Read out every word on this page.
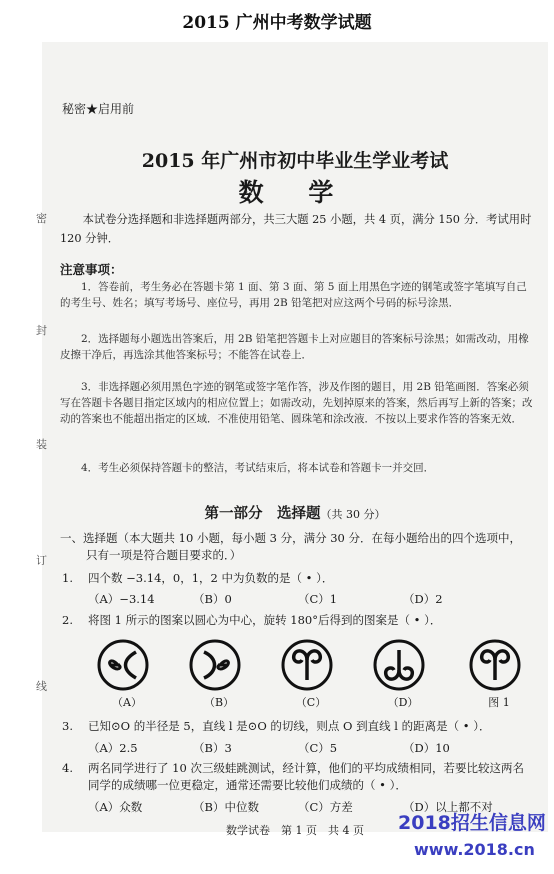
2015 广州中考数学试题
秘密★启用前
密
封
装
订
线
2015 年广州市初中毕业生学业考试
数 学
本试卷分选择题和非选择题两部分，共三大题 25 小题，共 4 页，满分 150 分．考试用时 120 分钟．
注意事项：
1．答卷前，考生务必在答题卡第 1 面、第 3 面、第 5 面上用黑色字迹的钢笔或签字笔填写自己的考生号、姓名；填写考场号、座位号，再用 2B 铅笔把对应这两个号码的标号涂黑．
2．选择题每小题选出答案后，用 2B 铅笔把答题卡上对应题目的答案标号涂黑；如需改动，用橡皮擦干净后，再选涂其他答案标号；不能答在试卷上．
3．非选择题必须用黑色字迹的钢笔或签字笔作答，涉及作图的题目，用 2B 铅笔画图．答案必须写在答题卡各题目指定区域内的相应位置上；如需改动，先划掉原来的答案，然后再写上新的答案；改动的答案也不能超出指定的区域．不准使用铅笔、圆珠笔和涂改液．不按以上要求作答的答案无效．
4．考生必须保持答题卡的整洁，考试结束后，将本试卷和答题卡一并交回．
第一部分　选择题（共 30 分）
一、选择题（本大题共 10 小题，每小题 3 分，满分 30 分．在每小题给出的四个选项中，
只有一项是符合题目要求的．）
1. 四个数 −3.14，0，1，2 中为负数的是（ • ）．
（A）−3.14	（B）0	（C）1	（D）2
2. 将图 1 所示的图案以圆心为中心，旋转 180°后得到的图案是（ • ）．
（A）	（B）	（C）	（D）	图 1
3. 已知⊙O 的半径是 5，直线 l 是⊙O 的切线，则点 O 到直线 l 的距离是（ • ）．
（A）2.5	（B）3	（C）5	（D）10
4. 两名同学进行了 10 次三级蛙跳测试，经计算，他们的平均成绩相同，若要比较这两名
同学的成绩哪一位更稳定，通常还需要比较他们成绩的（ • ）．
（A）众数	（B）中位数	（C）方差	（D）以上都不对
数学试卷　第 1 页　共 4 页	2018招生信息网
www.2018.cn
